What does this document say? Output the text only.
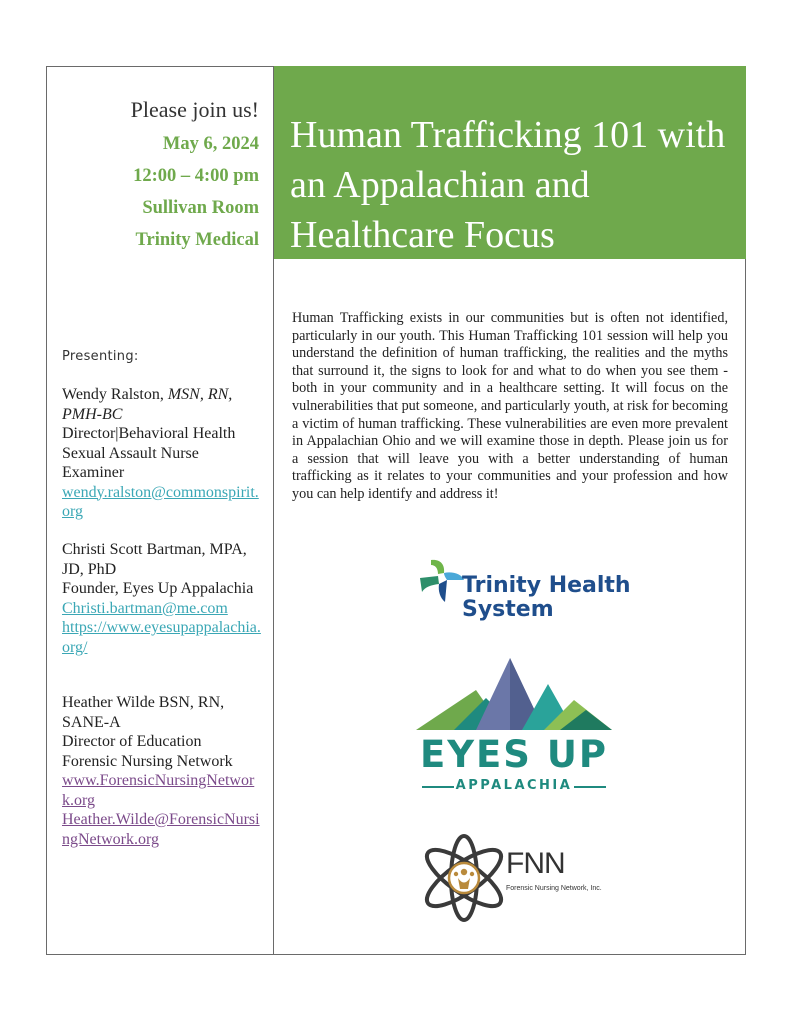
Human Trafficking 101 with an Appalachian and Healthcare Focus
Please join us!
May 6, 2024
12:00 – 4:00 pm
Sullivan Room
Trinity Medical
Presenting:
Wendy Ralston, MSN, RN, PMH-BC
Director|Behavioral Health
Sexual Assault Nurse Examiner
wendy.ralston@commonspirit.org
Christi Scott Bartman, MPA, JD, PhD
Founder, Eyes Up Appalachia
Christi.bartman@me.com
https://www.eyesupappalachia.org/
Heather Wilde BSN, RN, SANE-A
Director of Education
Forensic Nursing Network
www.ForensicNursingNetwork.org
Heather.Wilde@ForensicNursingNetwork.org

Human Trafficking exists in our communities but is often not identified, particularly in our youth. This Human Trafficking 101 session will help you understand the definition of human trafficking, the realities and the myths that surround it, the signs to look for and what to do when you see them - both in your community and in a healthcare setting. It will focus on the vulnerabilities that put someone, and particularly youth, at risk for becoming a victim of human trafficking. These vulnerabilities are even more prevalent in Appalachian Ohio and we will examine those in depth. Please join us for a session that will leave you with a better understanding of human trafficking as it relates to your communities and your profession and how you can help identify and address it!

Trinity Health
System
EYES UP
APPALACHIA
FNN
Forensic Nursing Network, Inc.
